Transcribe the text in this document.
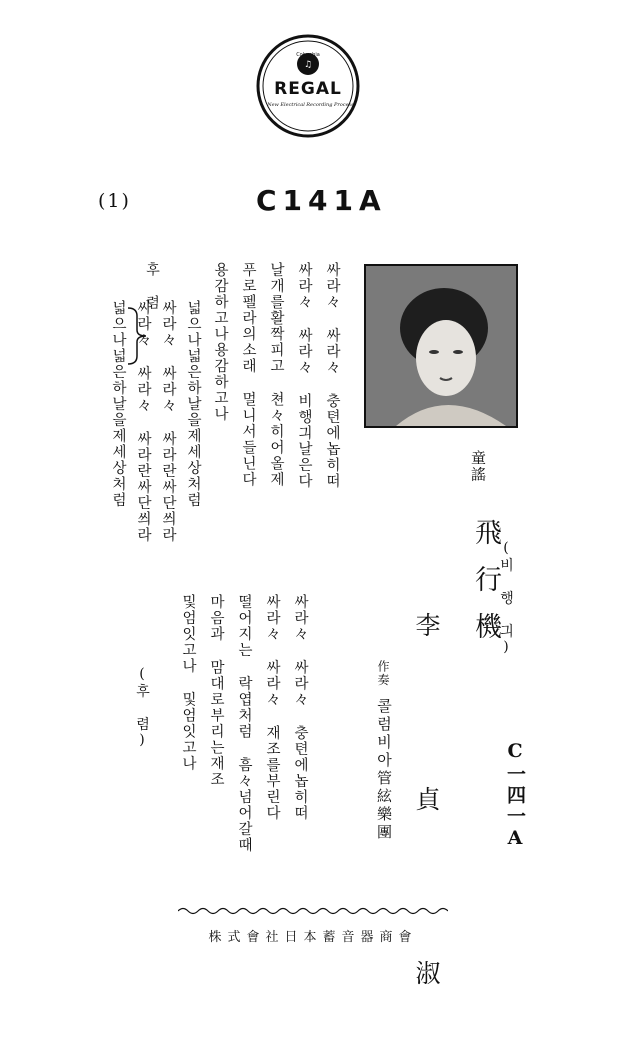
♫
Columbia
REGAL
New Electrical Recording Process
(1)	C141A
童謠
飛行機
(비 행 긔)
李 貞 淑
作奏
콜럼비아管絃樂團	C一四一A
싸라々 싸라々 충텬에놉히떠
싸라々 싸라々 비행긔날은다
날개를활짝피고 쳔々히어올제
푸로펠라의소래 멀니서들닌다
용감하고나용감하고나
넓으나넓은하날을제세상처럼
싸라々 싸라々 싸라란싸단씌라
싸라々 싸라々 싸라란싸단씌라
넓으나넓은하날을제세상처럼
후 렴
싸라々 싸라々 충텬에놉히떠
싸라々 싸라々 재조를부린다
떨어지는 락엽처럼 흠々넘어갈때
마음과 맘대로부리는재조
및엄잇고나 및엄잇고나
(후 렴)
株式會社日本蓄音器商會
